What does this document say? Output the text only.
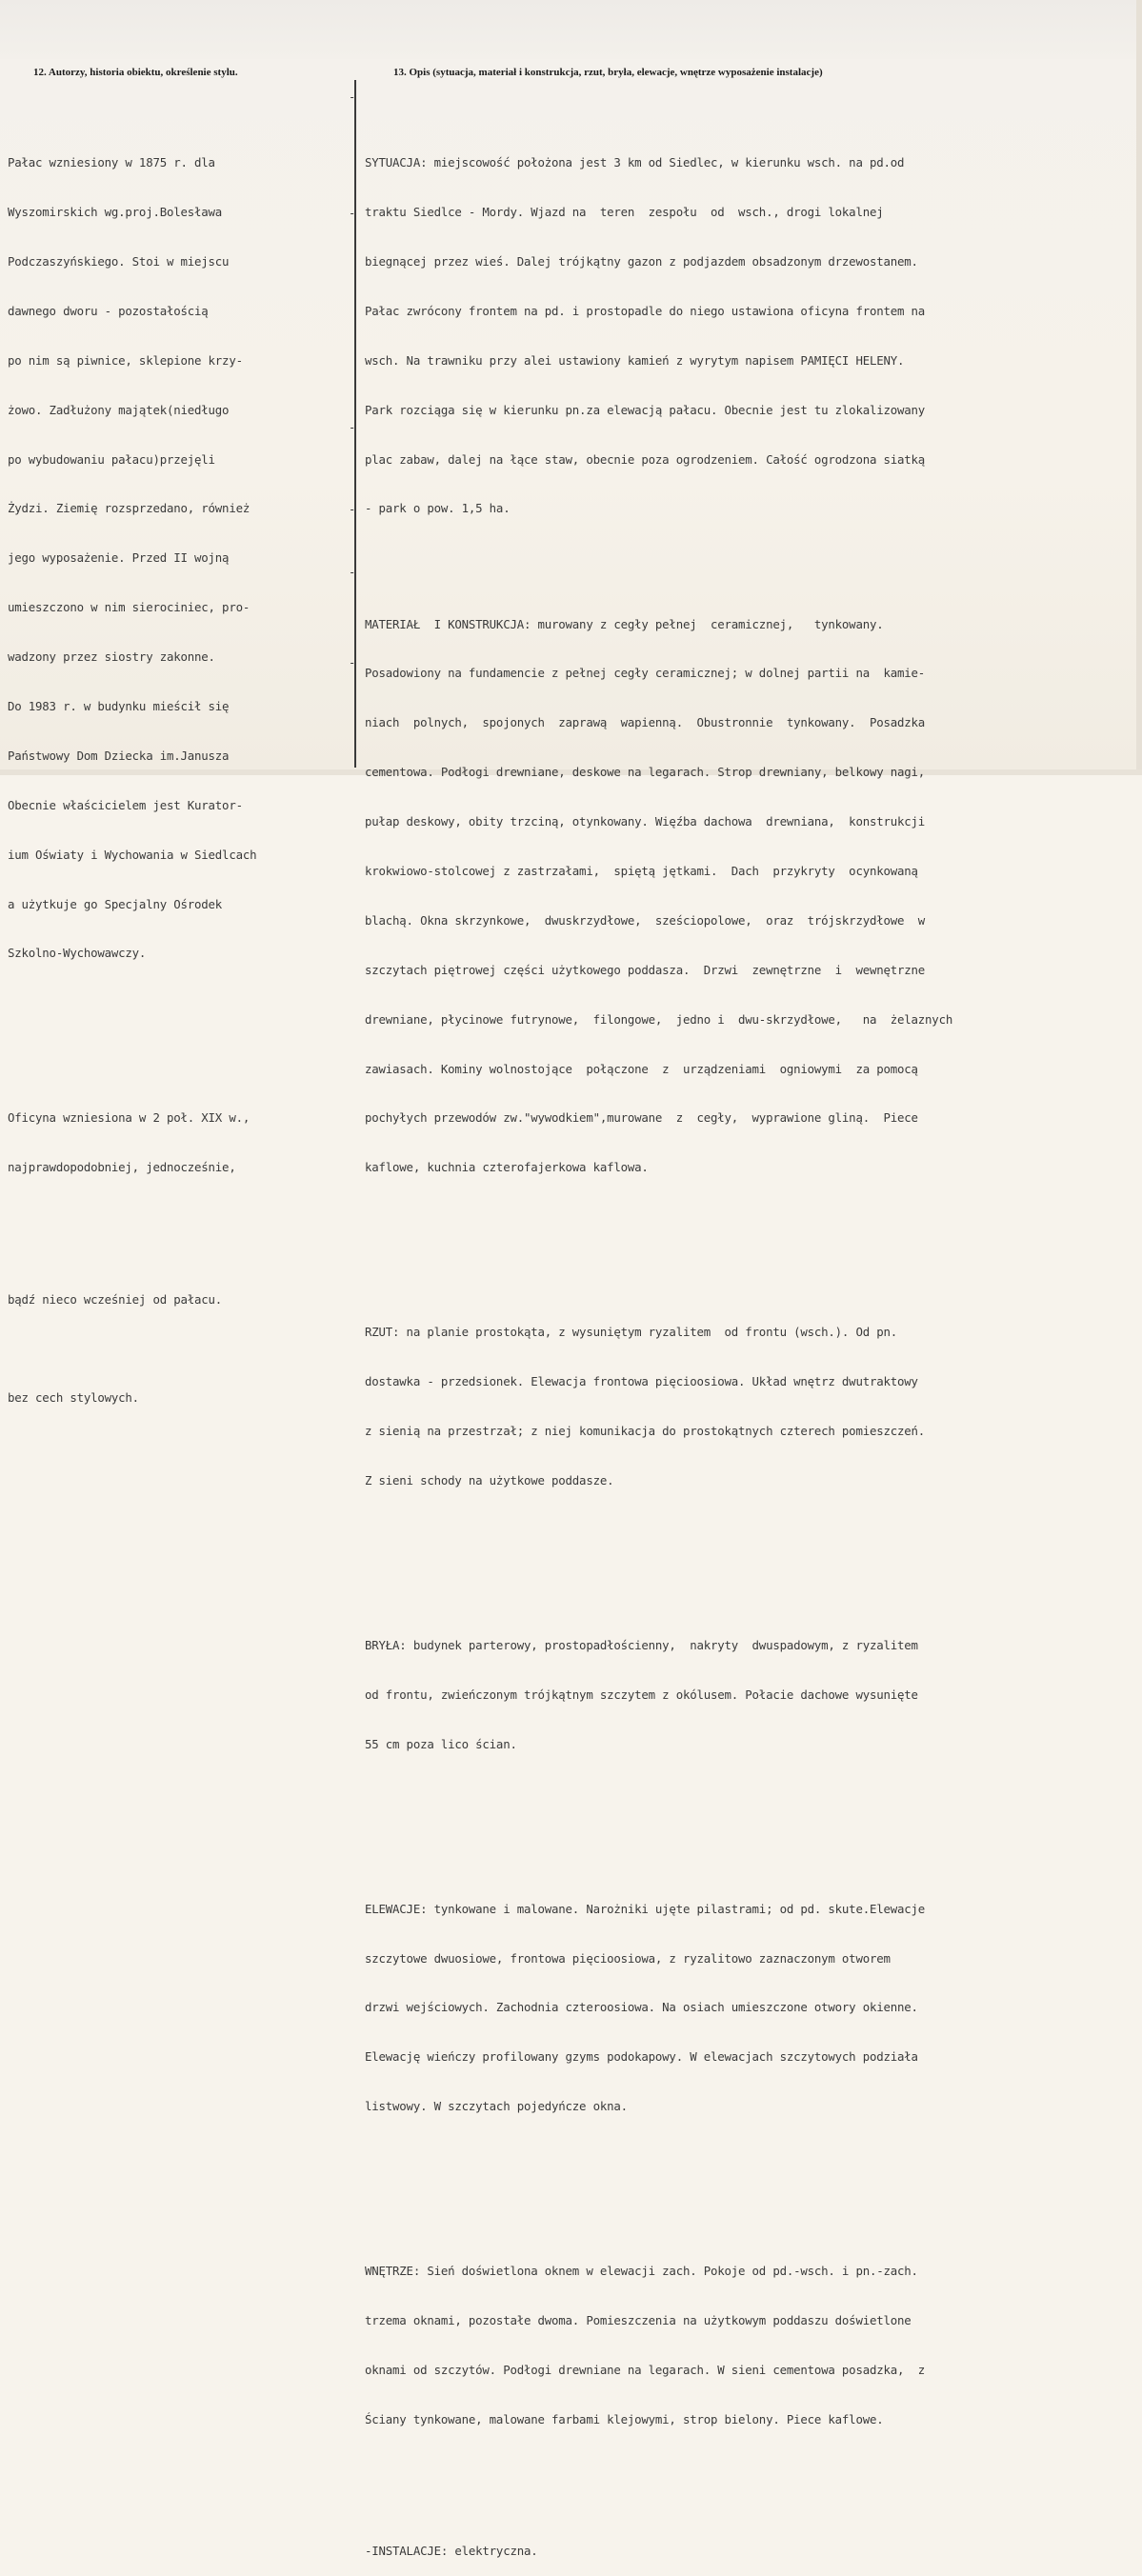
12. Autorzy, historia obiektu, określenie stylu.	13. Opis (sytuacja, materiał i konstrukcja, rzut, bryła, elewacje, wnętrze wyposażenie instalacje)

Pałac wzniesiony w 1875 r. dla

Wyszomirskich wg.proj.Bolesława

Podczaszyńskiego. Stoi w miejscu

dawnego dworu - pozostałością

po nim są piwnice, sklepione krzy-

żowo. Zadłużony majątek(niedługo

po wybudowaniu pałacu)przejęli

Żydzi. Ziemię rozsprzedano, również

jego wyposażenie. Przed II wojną

umieszczono w nim sierociniec, pro-

wadzony przez siostry zakonne.

Do 1983 r. w budynku mieścił się

Państwowy Dom Dziecka im.Janusza

Obecnie właścicielem jest Kurator-

ium Oświaty i Wychowania w Siedlcach

a użytkuje go Specjalny Ośrodek

Szkolno-Wychowawczy.

Oficyna wzniesiona w 2 poł. XIX w.,

najprawdopodobniej, jednocześnie,

bądź nieco wcześniej od pałacu.

bez cech stylowych.

SYTUACJA: miejscowość położona jest 3 km od Siedlec, w kierunku wsch. na pd.od

traktu Siedlce - Mordy. Wjazd na  teren  zespołu  od  wsch., drogi lokalnej

biegnącej przez wieś. Dalej trójkątny gazon z podjazdem obsadzonym drzewostanem.

Pałac zwrócony frontem na pd. i prostopadle do niego ustawiona oficyna frontem na

wsch. Na trawniku przy alei ustawiony kamień z wyrytym napisem PAMIĘCI HELENY.

Park rozciąga się w kierunku pn.za elewacją pałacu. Obecnie jest tu zlokalizowany

plac zabaw, dalej na łące staw, obecnie poza ogrodzeniem. Całość ogrodzona siatką

- park o pow. 1,5 ha.

MATERIAŁ  I KONSTRUKCJA: murowany z cegły pełnej  ceramicznej,   tynkowany.

Posadowiony na fundamencie z pełnej cegły ceramicznej; w dolnej partii na  kamie-

niach  polnych,  spojonych  zaprawą  wapienną.  Obustronnie  tynkowany.  Posadzka

cementowa. Podłogi drewniane, deskowe na legarach. Strop drewniany, belkowy nagi,

pułap deskowy, obity trzciną, otynkowany. Więźba dachowa  drewniana,  konstrukcji

krokwiowo-stolcowej z zastrzałami,  spiętą jętkami.  Dach  przykryty  ocynkowaną

blachą. Okna skrzynkowe,  dwuskrzydłowe,  sześciopolowe,  oraz  trójskrzydłowe  w

szczytach piętrowej części użytkowego poddasza.  Drzwi  zewnętrzne  i  wewnętrzne

drewniane, płycinowe futrynowe,  filongowe,  jedno i  dwu-skrzydłowe,   na  żelaznych

zawiasach. Kominy wolnostojące  połączone  z  urządzeniami  ogniowymi  za pomocą

pochyłych przewodów zw."wywodkiem",murowane  z  cegły,  wyprawione gliną.  Piece

kaflowe, kuchnia czterofajerkowa kaflowa.

RZUT: na planie prostokąta, z wysuniętym ryzalitem  od frontu (wsch.). Od pn.

dostawka - przedsionek. Elewacja frontowa pięcioosiowa. Układ wnętrz dwutraktowy

z sienią na przestrzał; z niej komunikacja do prostokątnych czterech pomieszczeń.

Z sieni schody na użytkowe poddasze.

BRYŁA: budynek parterowy, prostopadłościenny,  nakryty  dwuspadowym, z ryzalitem

od frontu, zwieńczonym trójkątnym szczytem z okólusem. Połacie dachowe wysunięte

55 cm poza lico ścian.

ELEWACJE: tynkowane i malowane. Narożniki ujęte pilastrami; od pd. skute.Elewacje

szczytowe dwuosiowe, frontowa pięcioosiowa, z ryzalitowo zaznaczonym otworem

drzwi wejściowych. Zachodnia czteroosiowa. Na osiach umieszczone otwory okienne.

Elewację wieńczy profilowany gzyms podokapowy. W elewacjach szczytowych podziała

listwowy. W szczytach pojedyńcze okna.

WNĘTRZE: Sień doświetlona oknem w elewacji zach. Pokoje od pd.-wsch. i pn.-zach.

trzema oknami, pozostałe dwoma. Pomieszczenia na użytkowym poddaszu doświetlone

oknami od szczytów. Podłogi drewniane na legarach. W sieni cementowa posadzka,  z

Ściany tynkowane, malowane farbami klejowymi, strop bielony. Piece kaflowe.

-INSTALACJE: elektryczna.

-
-
-
-
-
-
